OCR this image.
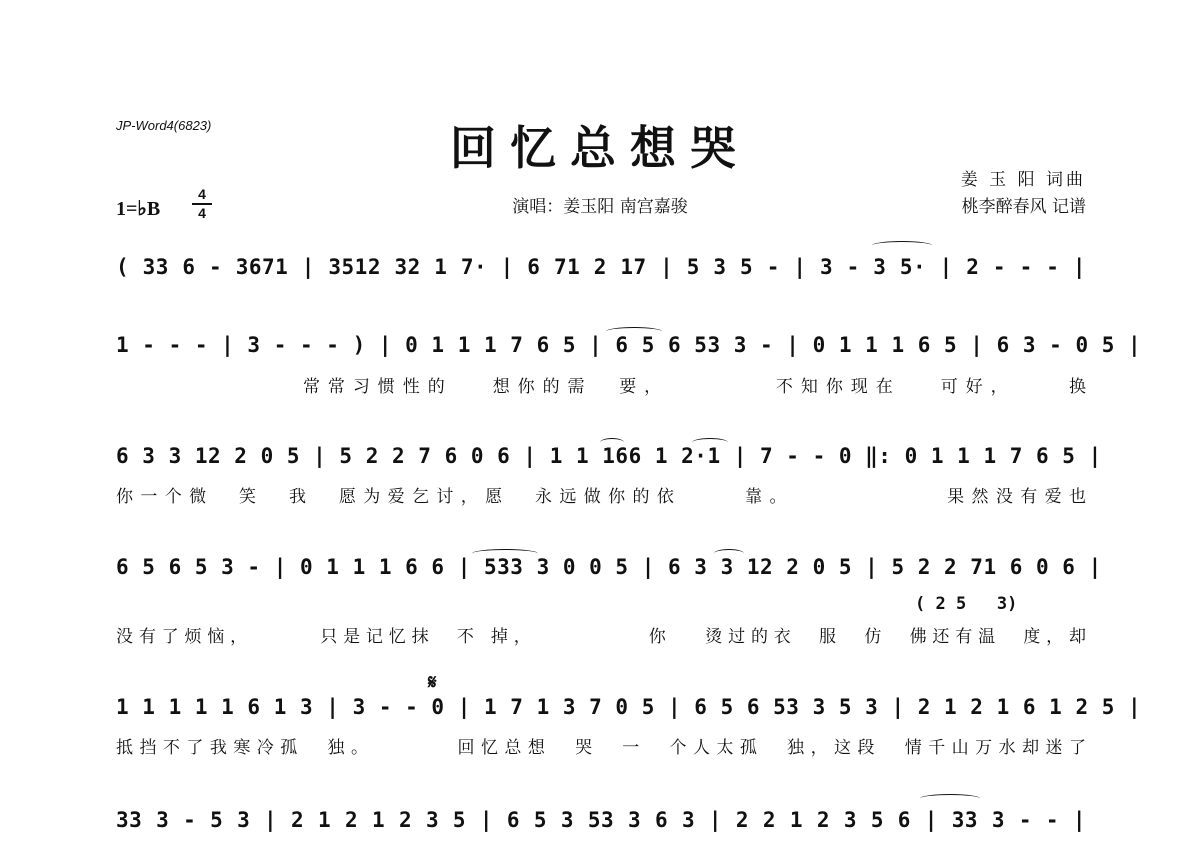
JP-Word4(6823)	回忆总想哭
姜 玉 阳 词曲
桃李醉春风 记谱
演唱：姜玉阳 南宫嘉骏
1=♭B $\frac{4}{4}$
( 33 6 - 3671 | 3512 32 1 7· | 6 71 2 17 | 5 3 5 - | 3 - 3 5· | 2 - - - |
1 - - - | 3 - - - ) | 0 1 1 1 7 6 5 | 6 5 6 53 3 - | 0 1 1 1 6 5 | 6 3 - 0 5 |
常常习惯性的   想你的需  要，        不知你现在   可好，    换
6 3 3 12 2 0 5 | 5 2 2 7 6 0 6 | 1 1 166 1 2·1 | 7 - - 0 ‖: 0 1 1 1 7 6 5 |
你一个微  笑  我  愿为爱乞讨，愿  永远做你的依     靠。            果然没有爱也
6 5 6 5 3 - | 0 1 1 1 6 6 | 533 3 0 0 5 | 6 3 3 12 2 0 5 | 5 2 2 71 6 0 6 |
( 2 5   3)
没有了烦恼，      只是记忆抹  不 掉，          你   烫过的衣  服  仿  佛还有温  度，却
𝄋
1 1 1 1 1 6 1 3 | 3 - - 0 | 1 7 1 3 7 0 5 | 6 5 6 53 3 5 3 | 2 1 2 1 6 1 2 5 |
抵挡不了我寒冷孤  独。       回忆总想  哭  一  个人太孤  独，这段  情千山万水却迷了
33 3 - 5 3 | 2 1 2 1 2 3 5 | 6 5 3 53 3 6 3 | 2 2 1 2 3 5 6 | 33 3 - - |
